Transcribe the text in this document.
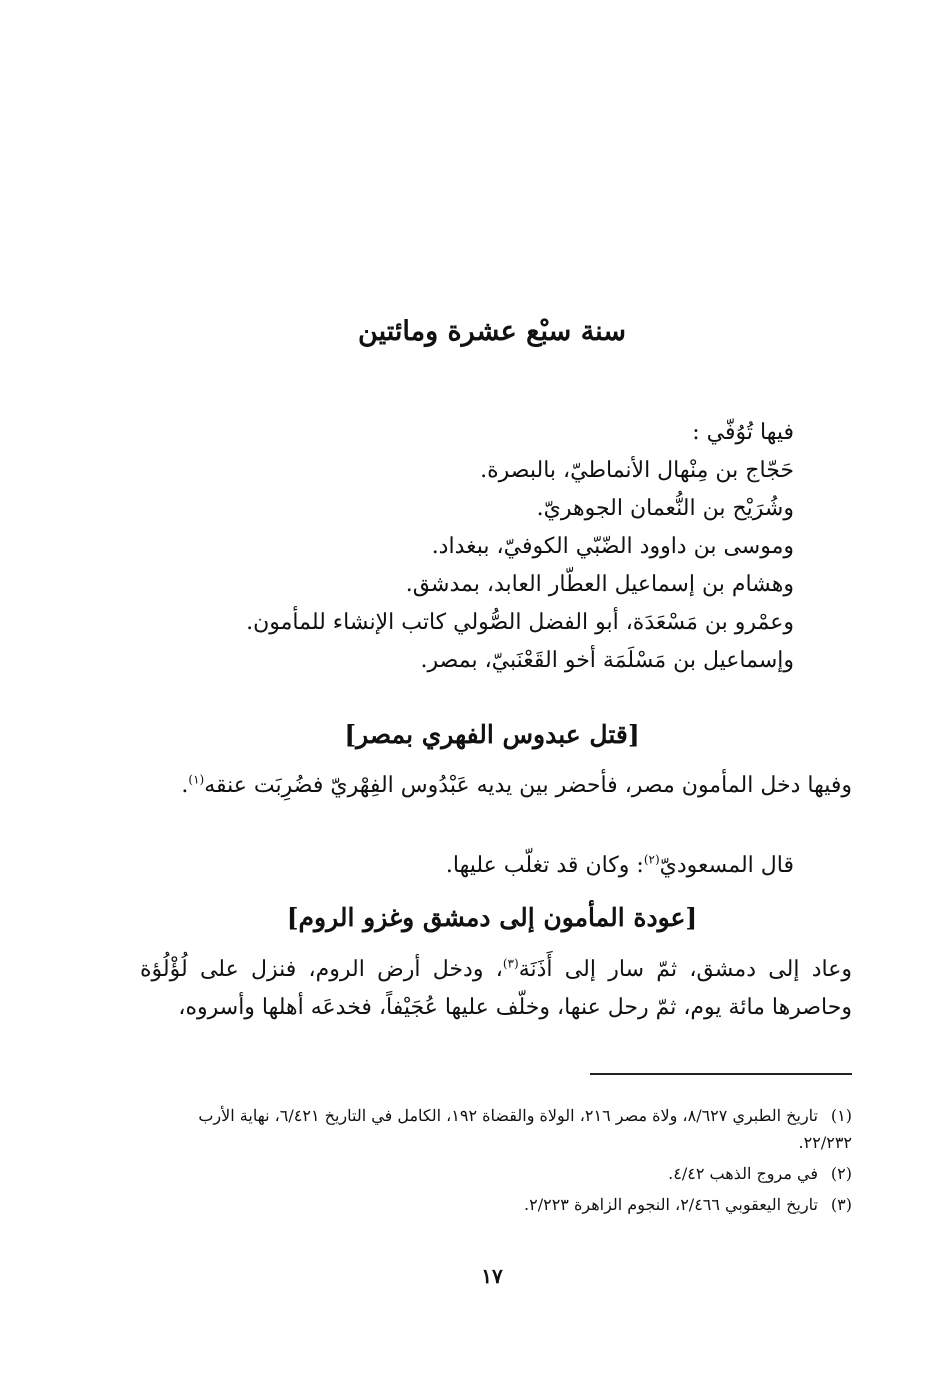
سنة سبْع عشرة ومائتين
فيها تُوُفّي :
حَجّاج بن مِنْهال الأنماطيّ، بالبصرة.
وشُرَيْح بن النُّعمان الجوهريّ.
وموسى بن داوود الضّبّي الكوفيّ، ببغداد.
وهشام بن إسماعيل العطّار العابد، بمدشق.
وعمْرو بن مَسْعَدَة، أبو الفضل الصُّولي كاتب الإنشاء للمأمون.
وإسماعيل بن مَسْلَمَة أخو القَعْنَبيّ، بمصر.
[قتل عبدوس الفهري بمصر]
وفيها دخل المأمون مصر، فأحضر بين يديه عَبْدُوس الفِهْريّ فضُرِبَت عنقه$^{(١)}$.
قال المسعوديّ$^{(٢)}$: وكان قد تغلّب عليها.
[عودة المأمون إلى دمشق وغزو الروم]
وعاد إلى دمشق، ثمّ سار إلى أَذَنَة$^{(٣)}$، ودخل أرض الروم، فنزل على لُؤْلُؤة وحاصرها مائة يوم، ثمّ رحل عنها، وخلّف عليها عُجَيْفاً، فخدعَه أهلها وأسروه،
(١)تاريخ الطبري ٨/٦٢٧، ولاة مصر ٢١٦، الولاة والقضاة ١٩٢، الكامل في التاريخ ٦/٤٢١، نهاية الأرب ٢٢/٢٣٢.
(٢)في مروج الذهب ٤/٤٢.
(٣)تاريخ اليعقوبي ٢/٤٦٦، النجوم الزاهرة ٢/٢٢٣.
١٧
